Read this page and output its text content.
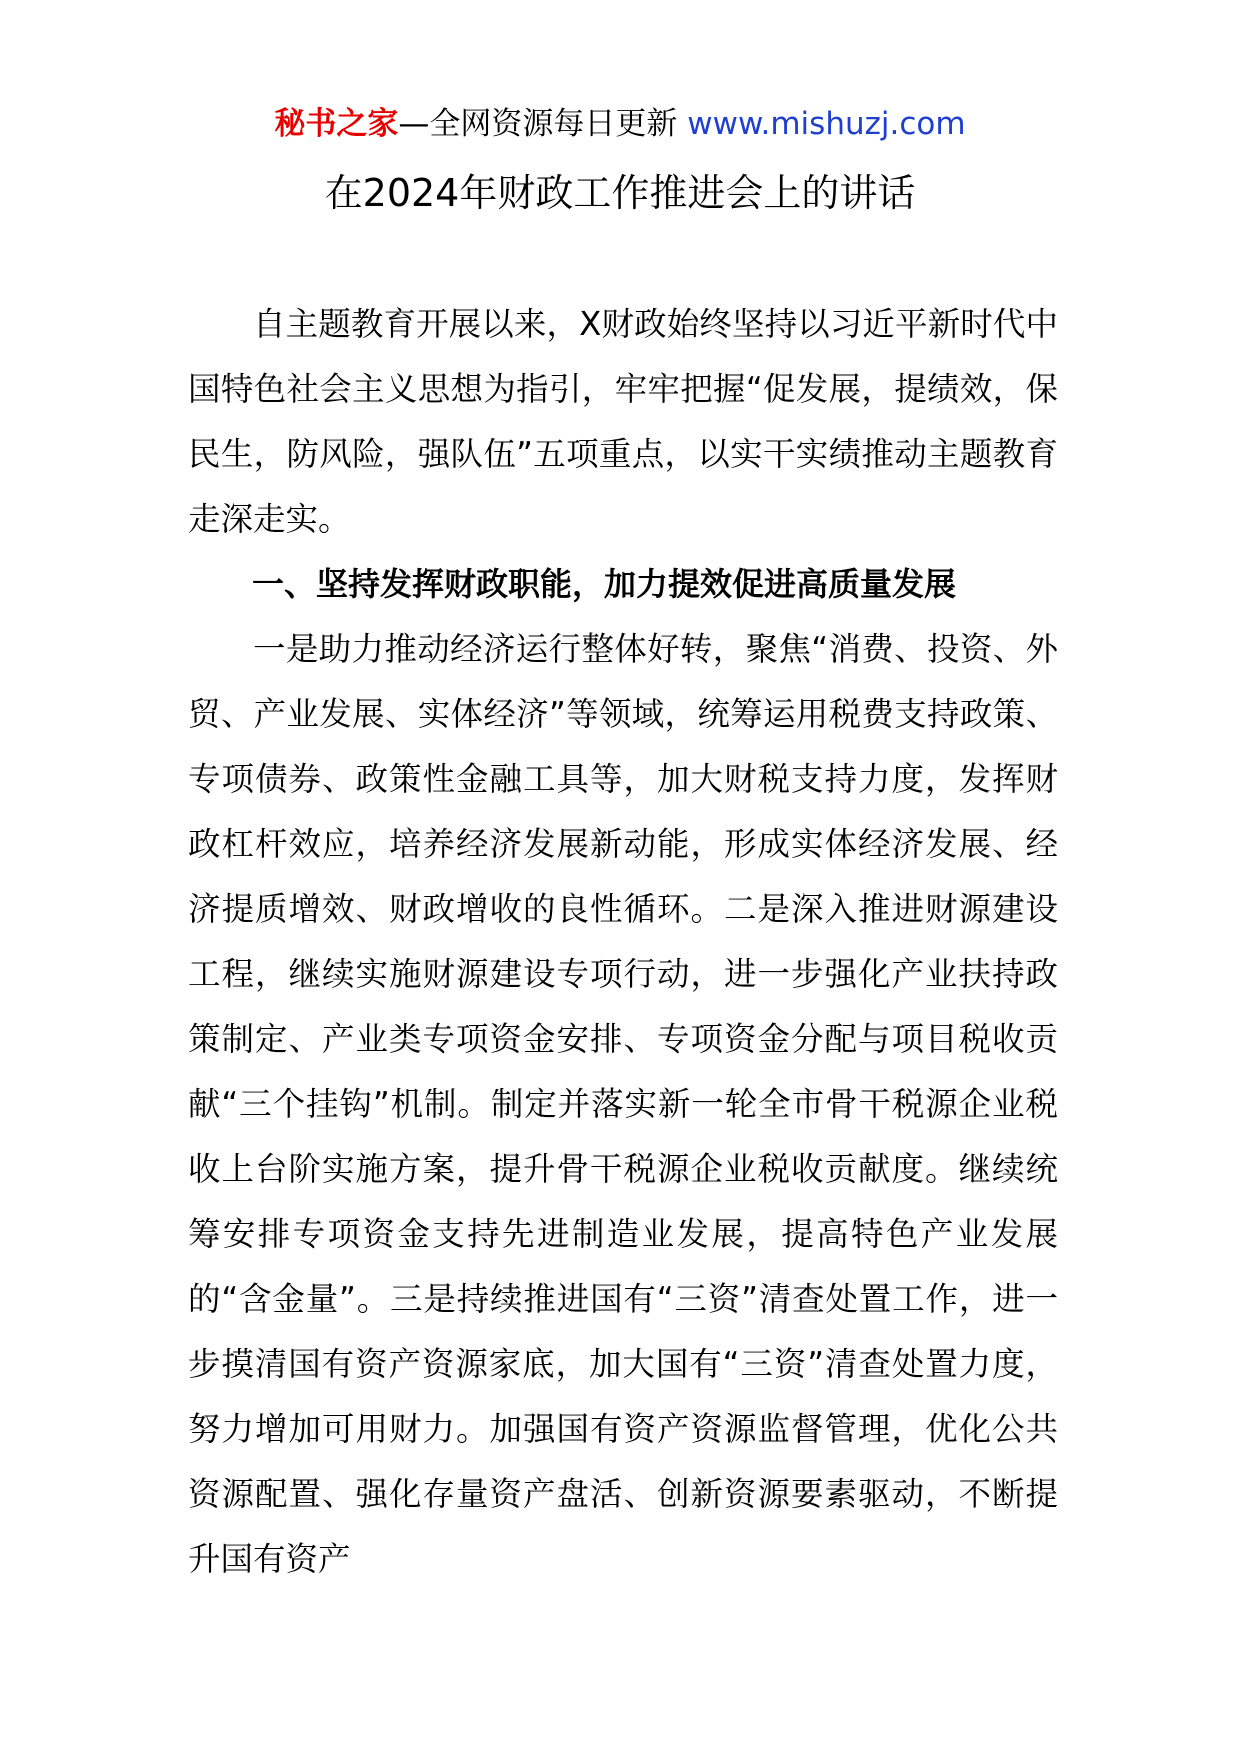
秘书之家—全网资源每日更新 www.mishuzj.com
在2024年财政工作推进会上的讲话

自主题教育开展以来，X财政始终坚持以习近平新时代中国特色社会主义思想为指引，牢牢把握“促发展，提绩效，保民生，防风险，强队伍”五项重点，以实干实绩推动主题教育走深走实。

一、坚持发挥财政职能，加力提效促进高质量发展

一是助力推动经济运行整体好转，聚焦“消费、投资、外贸、产业发展、实体经济”等领域，统筹运用税费支持政策、专项债券、政策性金融工具等，加大财税支持力度，发挥财政杠杆效应，培养经济发展新动能，形成实体经济发展、经济提质增效、财政增收的良性循环。二是深入推进财源建设工程，继续实施财源建设专项行动，进一步强化产业扶持政策制定、产业类专项资金安排、专项资金分配与项目税收贡献“三个挂钩”机制。制定并落实新一轮全市骨干税源企业税收上台阶实施方案，提升骨干税源企业税收贡献度。继续统筹安排专项资金支持先进制造业发展，提高特色产业发展的“含金量”。三是持续推进国有“三资”清查处置工作，进一步摸清国有资产资源家底，加大国有“三资”清查处置力度，努力增加可用财力。加强国有资产资源监督管理，优化公共资源配置、强化存量资产盘活、创新资源要素驱动，不断提升国有资产
